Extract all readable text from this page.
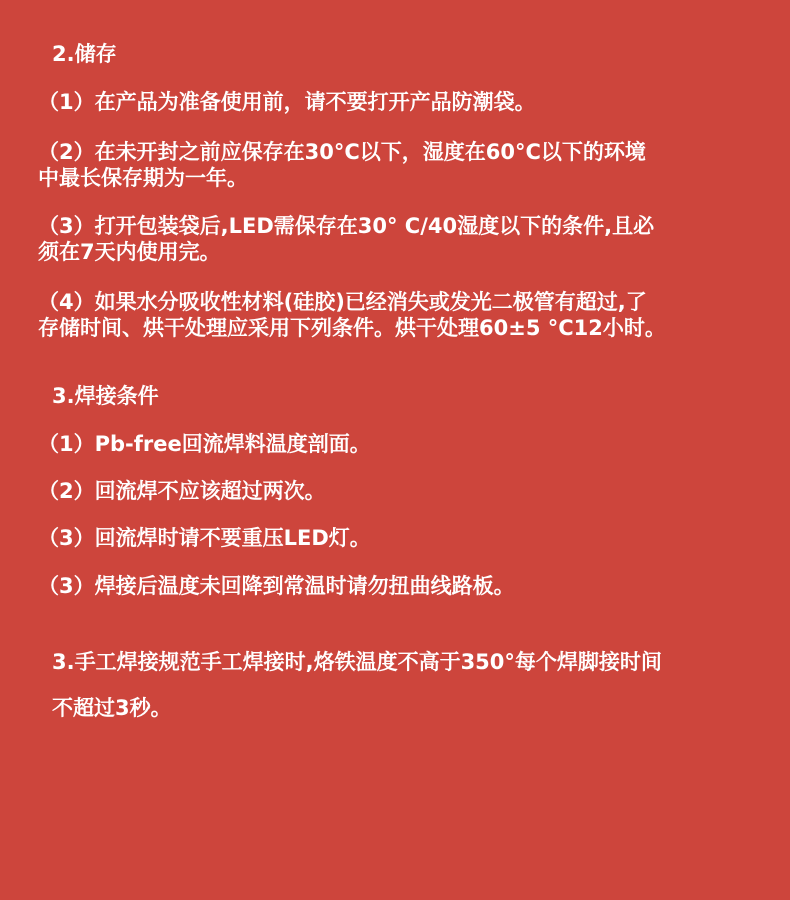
2.储存

（1）在产品为准备使用前，请不要打开产品防潮袋。

（2）在未开封之前应保存在30°C以下，湿度在60°C以下的环境

中最长保存期为一年。

（3）打开包装袋后,LED需保存在30° C/40湿度以下的条件,且必

须在7天内使用完。

（4）如果水分吸收性材料(硅胶)已经消失或发光二极管有超过,了

存储时间、烘干处理应采用下列条件。烘干处理60±5 °C12小时。

3.焊接条件

（1）Pb-free回流焊料温度剖面。

（2）回流焊不应该超过两次。

（3）回流焊时请不要重压LED灯。

（3）焊接后温度未回降到常温时请勿扭曲线路板。

3.手工焊接规范手工焊接时,烙铁温度不高于350°每个焊脚接时间

不超过3秒。
